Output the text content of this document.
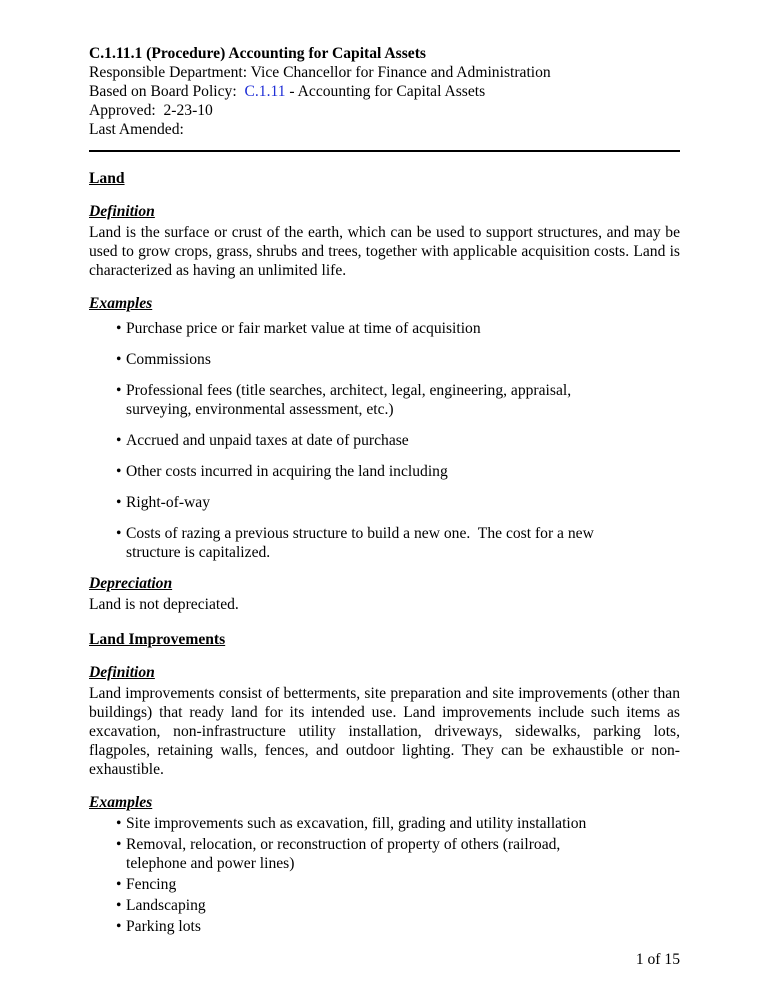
C.1.11.1 (Procedure) Accounting for Capital Assets
Responsible Department: Vice Chancellor for Finance and Administration
Based on Board Policy:  C.1.11 - Accounting for Capital Assets
Approved:  2-23-10
Last Amended:
Land
Definition
Land is the surface or crust of the earth, which can be used to support structures, and may be used to grow crops, grass, shrubs and trees, together with applicable acquisition costs. Land is characterized as having an unlimited life.
Examples
• Purchase price or fair market value at time of acquisition
• Commissions
• Professional fees (title searches, architect, legal, engineering, appraisal, surveying, environmental assessment, etc.)
• Accrued and unpaid taxes at date of purchase
• Other costs incurred in acquiring the land including
• Right-of-way
• Costs of razing a previous structure to build a new one.  The cost for a new structure is capitalized.
Depreciation
Land is not depreciated.
Land Improvements
Definition
Land improvements consist of betterments, site preparation and site improvements (other than buildings) that ready land for its intended use. Land improvements include such items as excavation, non-infrastructure utility installation, driveways, sidewalks, parking lots, flagpoles, retaining walls, fences, and outdoor lighting. They can be exhaustible or non-exhaustible.
Examples
• Site improvements such as excavation, fill, grading and utility installation
• Removal, relocation, or reconstruction of property of others (railroad, telephone and power lines)
• Fencing
• Landscaping
• Parking lots
1 of 15
